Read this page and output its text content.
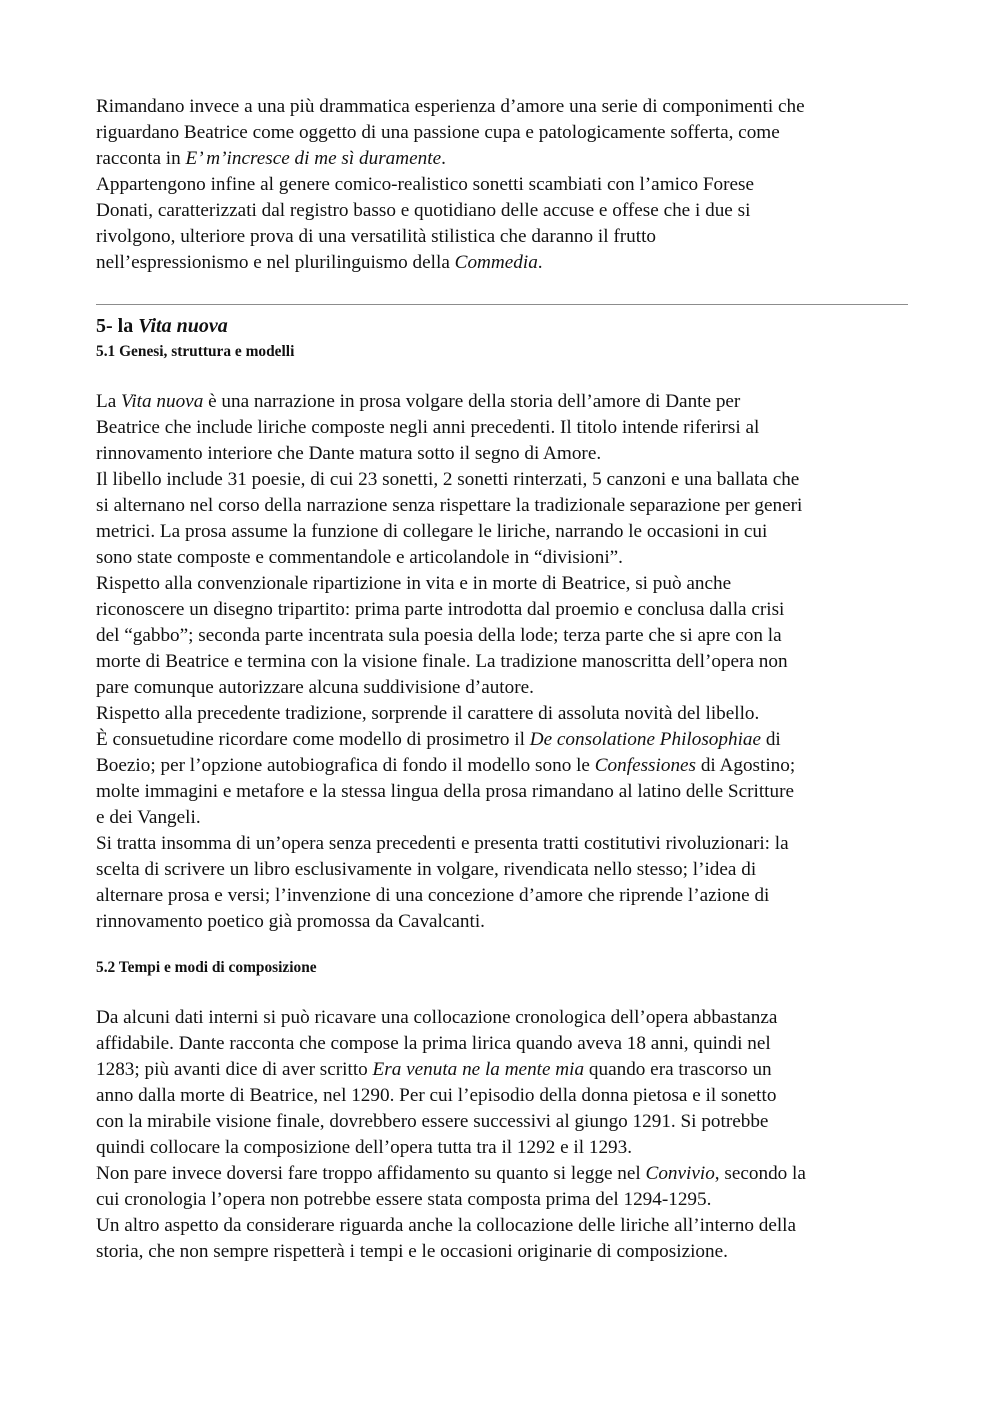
Rimandano invece a una più drammatica esperienza d’amore una serie di componimenti che
riguardano Beatrice come oggetto di una passione cupa e patologicamente sofferta, come
racconta in E’ m’incresce di me sì duramente.
Appartengono infine al genere comico-realistico sonetti scambiati con l’amico Forese
Donati, caratterizzati dal registro basso e quotidiano delle accuse e offese che i due si
rivolgono, ulteriore prova di una versatilità stilistica che daranno il frutto
nell’espressionismo e nel plurilinguismo della Commedia.
5- la Vita nuova
5.1 Genesi, struttura e modelli
La Vita nuova è una narrazione in prosa volgare della storia dell’amore di Dante per
Beatrice che include liriche composte negli anni precedenti. Il titolo intende riferirsi al
rinnovamento interiore che Dante matura sotto il segno di Amore.
Il libello include 31 poesie, di cui 23 sonetti, 2 sonetti rinterzati, 5 canzoni e una ballata che
si alternano nel corso della narrazione senza rispettare la tradizionale separazione per generi
metrici. La prosa assume la funzione di collegare le liriche, narrando le occasioni in cui
sono state composte e commentandole e articolandole in “divisioni”.
Rispetto alla convenzionale ripartizione in vita e in morte di Beatrice, si può anche
riconoscere un disegno tripartito: prima parte introdotta dal proemio e conclusa dalla crisi
del “gabbo”; seconda parte incentrata sula poesia della lode; terza parte che si apre con la
morte di Beatrice e termina con la visione finale. La tradizione manoscritta dell’opera non
pare comunque autorizzare alcuna suddivisione d’autore.
Rispetto alla precedente tradizione, sorprende il carattere di assoluta novità del libello.
È consuetudine ricordare come modello di prosimetro il De consolatione Philosophiae di
Boezio; per l’opzione autobiografica di fondo il modello sono le Confessiones di Agostino;
molte immagini e metafore e la stessa lingua della prosa rimandano al latino delle Scritture
e dei Vangeli.
Si tratta insomma di un’opera senza precedenti e presenta tratti costitutivi rivoluzionari: la
scelta di scrivere un libro esclusivamente in volgare, rivendicata nello stesso; l’idea di
alternare prosa e versi; l’invenzione di una concezione d’amore che riprende l’azione di
rinnovamento poetico già promossa da Cavalcanti.
5.2 Tempi e modi di composizione
Da alcuni dati interni si può ricavare una collocazione cronologica dell’opera abbastanza
affidabile. Dante racconta che compose la prima lirica quando aveva 18 anni, quindi nel
1283; più avanti dice di aver scritto Era venuta ne la mente mia quando era trascorso un
anno dalla morte di Beatrice, nel 1290. Per cui l’episodio della donna pietosa e il sonetto
con la mirabile visione finale, dovrebbero essere successivi al giungo 1291. Si potrebbe
quindi collocare la composizione dell’opera tutta tra il 1292 e il 1293.
Non pare invece doversi fare troppo affidamento su quanto si legge nel Convivio, secondo la
cui cronologia l’opera non potrebbe essere stata composta prima del 1294-1295.
Un altro aspetto da considerare riguarda anche la collocazione delle liriche all’interno della
storia, che non sempre rispetterà i tempi e le occasioni originarie di composizione.
